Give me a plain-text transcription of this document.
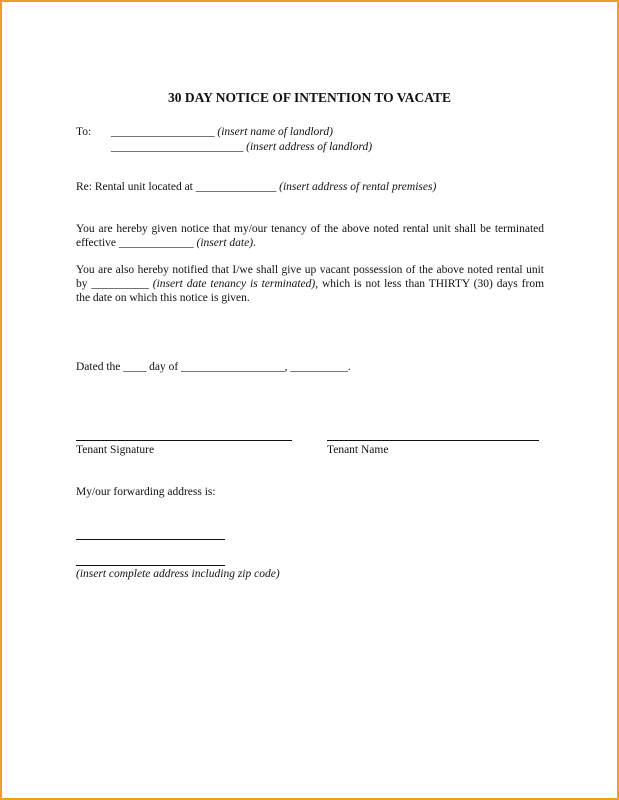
30 DAY NOTICE OF INTENTION TO VACATE
To: __________________ (insert name of landlord)
_______________________ (insert address of landlord)
Re: Rental unit located at ______________ (insert address of rental premises)
You are hereby given notice that my/our tenancy of the above noted rental unit shall be terminated effective _____________ (insert date).
You are also hereby notified that I/we shall give up vacant possession of the above noted rental unit by __________ (insert date tenancy is terminated), which is not less than THIRTY (30) days from the date on which this notice is given.
Dated the ____ day of __________________, __________.
Tenant Signature	Tenant Name
My/our forwarding address is:
(insert complete address including zip code)
